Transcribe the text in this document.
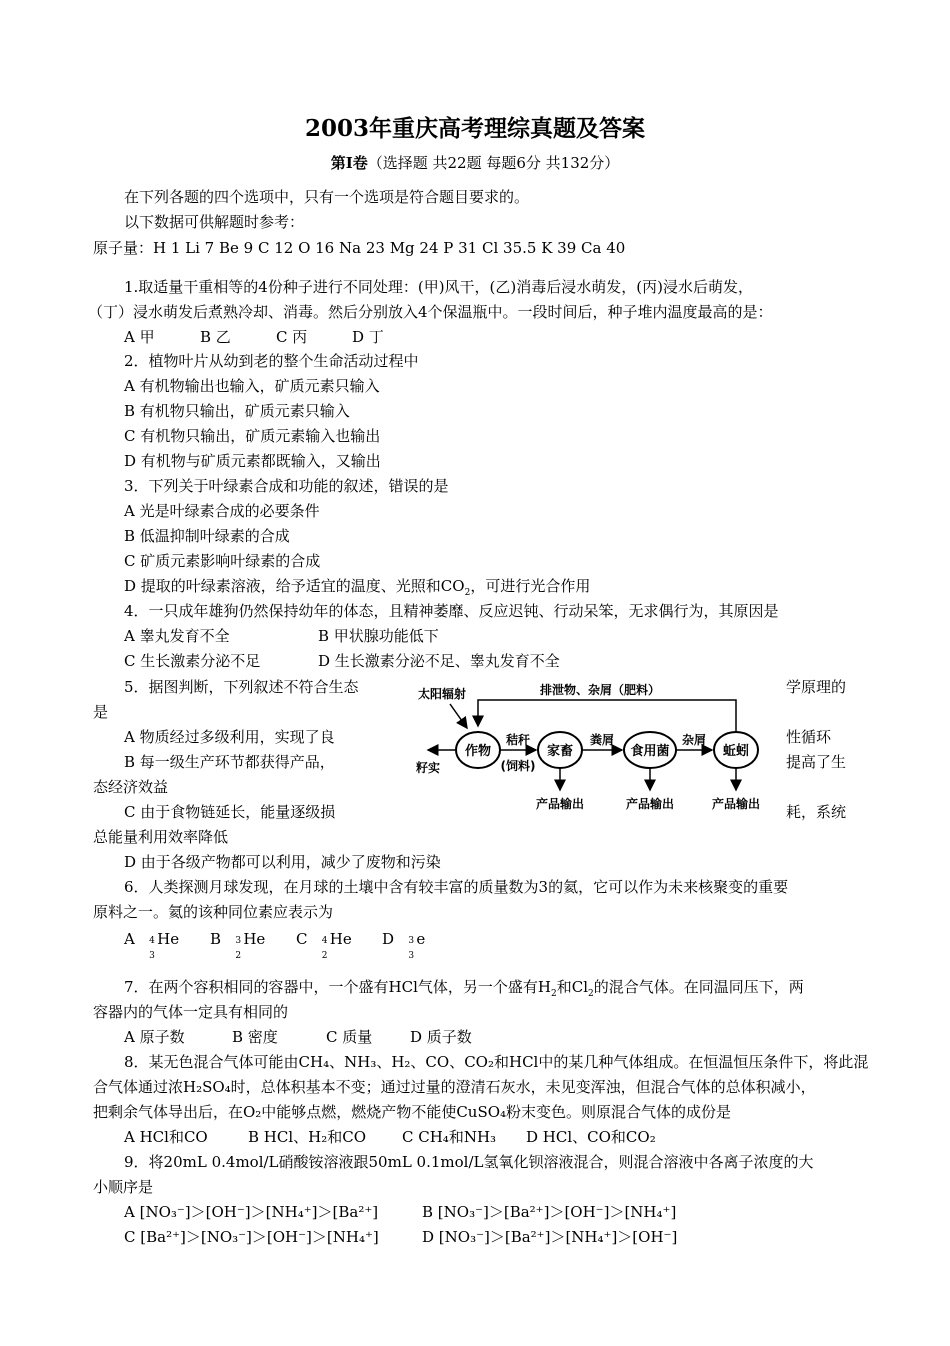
2003年重庆高考理综真题及答案
第Ⅰ卷（选择题 共22题 每题6分 共132分）
在下列各题的四个选项中，只有一个选项是符合题目要求的。
以下数据可供解题时参考：
原子量：H 1 Li 7 Be 9 C 12 O 16 Na 23 Mg 24 P 31 Cl 35.5 K 39 Ca 40
1.取适量干重相等的4份种子进行不同处理：(甲)风干，(乙)消毒后浸水萌发，(丙)浸水后萌发，
（丁）浸水萌发后煮熟冷却、消毒。然后分别放入4个保温瓶中。一段时间后，种子堆内温度最高的是：
A 甲	B 乙	C 丙	D 丁
2．植物叶片从幼到老的整个生命活动过程中
A 有机物输出也输入，矿质元素只输入
B 有机物只输出，矿质元素只输入
C 有机物只输出，矿质元素输入也输出
D 有机物与矿质元素都既输入，又输出
3．下列关于叶绿素合成和功能的叙述，错误的是
A 光是叶绿素合成的必要条件
B 低温抑制叶绿素的合成
C 矿质元素影响叶绿素的合成
D 提取的叶绿素溶液，给予适宜的温度、光照和$CO_2$，可进行光合作用
4．一只成年雄狗仍然保持幼年的体态，且精神萎靡、反应迟钝、行动呆笨，无求偶行为，其原因是
A 睾丸发育不全	B 甲状腺功能低下
C 生长激素分泌不足	D 生长激素分泌不足、睾丸发育不全
5．据图判断，下列叙述不符合生态	学原理的
是
A 物质经过多级利用，实现了良	性循环
B 每一级生产环节都获得产品，	提高了生
态经济效益
C 由于食物链延长，能量逐级损	耗，系统
总能量利用效率降低
D 由于各级产物都可以利用，减少了废物和污染
排泄物、杂屑（肥料）
太阳辐射
作物	家畜	食用菌	蚯蚓
籽实
秸秆
(饲料)
粪屑	杂屑
产品输出	产品输出	产品输出
6．人类探测月球发现，在月球的土壤中含有较丰富的质量数为3的氦，它可以作为未来核聚变的重要
原料之一。氦的该种同位素应表示为
A 4
3
He B 3
2
He C 4
2
He D 3
3
e
7．在两个容积相同的容器中，一个盛有HCl气体，另一个盛有$H_2$和$Cl_2$的混合气体。在同温同压下，两
容器内的气体一定具有相同的
A 原子数	B 密度	C 质量	D 质子数
8．某无色混合气体可能由CH₄、NH₃、H₂、CO、CO₂和HCl中的某几种气体组成。在恒温恒压条件下，将此混
合气体通过浓H₂SO₄时，总体积基本不变；通过过量的澄清石灰水，未见变浑浊，但混合气体的总体积减小，
把剩余气体导出后，在O₂中能够点燃，燃烧产物不能使CuSO₄粉末变色。则原混合气体的成份是
A HCl和CO	B HCl、H₂和CO C CH₄和NH₃ D HCl、CO和CO₂
9．将20mL 0.4mol/L硝酸铵溶液跟50mL 0.1mol/L氢氧化钡溶液混合，则混合溶液中各离子浓度的大
小顺序是
A [NO₃⁻]＞[OH⁻]＞[NH₄⁺]＞[Ba²⁺]	B [NO₃⁻]＞[Ba²⁺]＞[OH⁻]＞[NH₄⁺]
C [Ba²⁺]＞[NO₃⁻]＞[OH⁻]＞[NH₄⁺]	D [NO₃⁻]＞[Ba²⁺]＞[NH₄⁺]＞[OH⁻]
